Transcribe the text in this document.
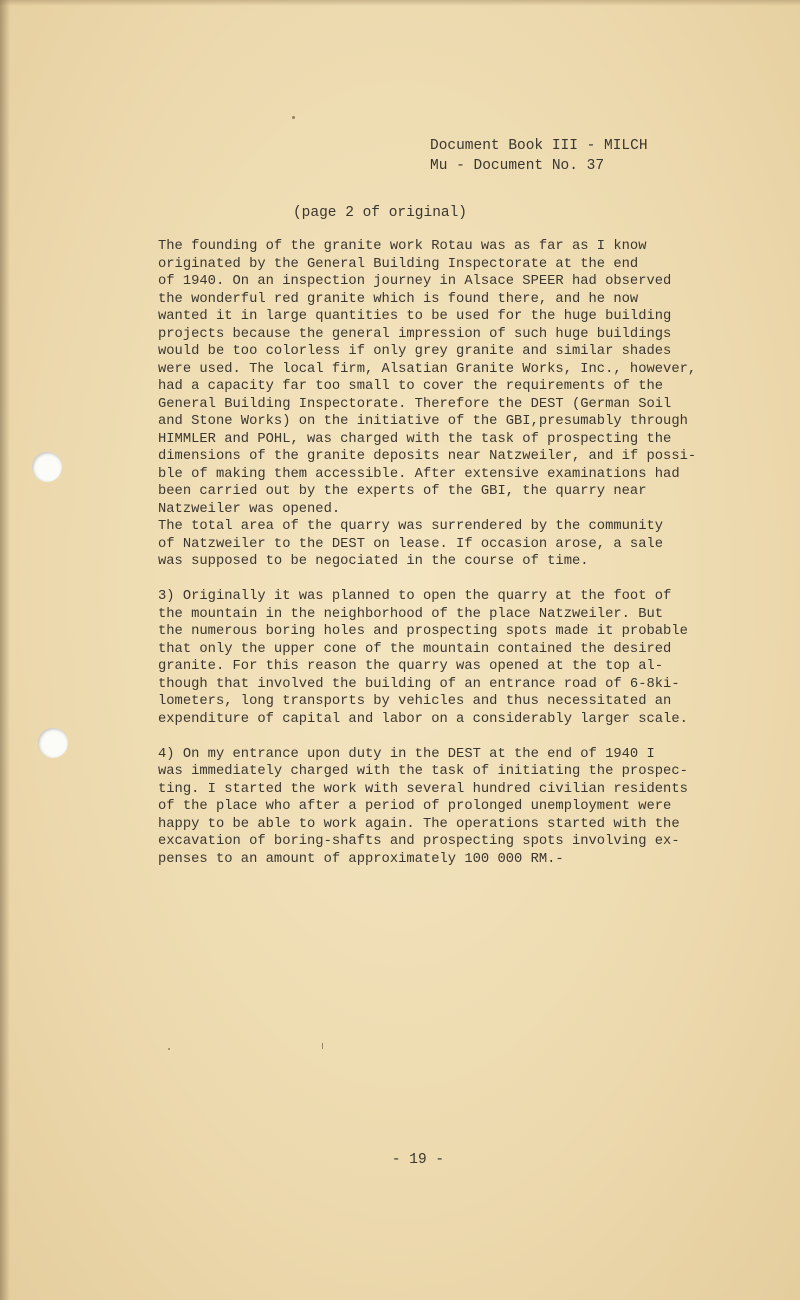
Document Book III - MILCH
Mu - Document No. 37
(page 2 of original)
The founding of the granite work Rotau was as far as I know
originated by the General Building Inspectorate at the end
of 1940. On an inspection journey in Alsace SPEER had observed
the wonderful red granite which is found there, and he now
wanted it in large quantities to be used for the huge building
projects because the general impression of such huge buildings
would be too colorless if only grey granite and similar shades
were used. The local firm, Alsatian Granite Works, Inc., however,
had a capacity far too small to cover the requirements of the
General Building Inspectorate. Therefore the DEST (German Soil
and Stone Works) on the initiative of the GBI,presumably through
HIMMLER and POHL, was charged with the task of prospecting the
dimensions of the granite deposits near Natzweiler, and if possi-
ble of making them accessible. After extensive examinations had
been carried out by the experts of the GBI, the quarry near
Natzweiler was opened.
The total area of the quarry was surrendered by the community
of Natzweiler to the DEST on lease. If occasion arose, a sale
was supposed to be negociated in the course of time.
3) Originally it was planned to open the quarry at the foot of
the mountain in the neighborhood of the place Natzweiler. But
the numerous boring holes and prospecting spots made it probable
that only the upper cone of the mountain contained the desired
granite. For this reason the quarry was opened at the top al-
though that involved the building of an entrance road of 6-8ki-
lometers, long transports by vehicles and thus necessitated an
expenditure of capital and labor on a considerably larger scale.
4) On my entrance upon duty in the DEST at the end of 1940 I
was immediately charged with the task of initiating the prospec-
ting. I started the work with several hundred civilian residents
of the place who after a period of prolonged unemployment were
happy to be able to work again. The operations started with the
excavation of boring-shafts and prospecting spots involving ex-
penses to an amount of approximately 100 000 RM.-
- 19 -
